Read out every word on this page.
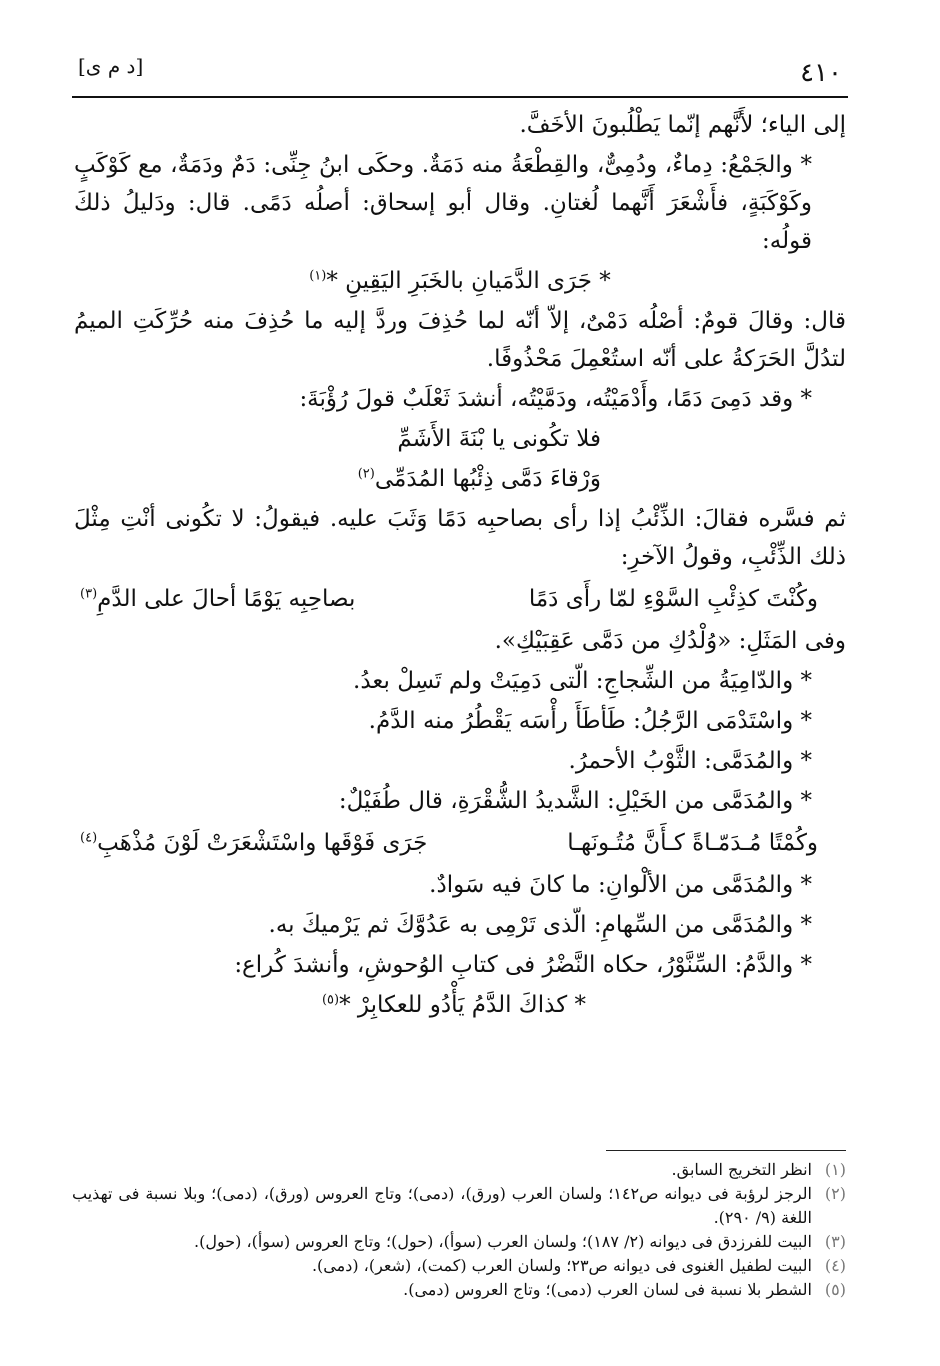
٤١٠
[د م ى]

إلى الياء؛ لأَنَّهم إنّما يَطْلُبونَ الأخَفَّ.

* والجَمْعُ: دِماءٌ، ودُمِىٌّ، والقِطْعَةُ منه دَمَةٌ. وحكَى ابنُ جِنِّى: دَمٌ ودَمَةٌ، مع كَوْكَبٍ وكَوْكَبَةٍ، فأَشْعَرَ أَنَّهما لُغتانِ. وقال أبو إسحاق: أصلُه دَمًى. قال: ودَليلُ ذلكَ قولُه:

* جَرَى الدَّمَيانِ بالخَبَرِ اليَقِينِ *$^{(١)}$

قال: وقالَ قومٌ: أصْلُه دَمْىٌ، إلاّ أنّه لما حُذِفَ وردَّ إليه ما حُذِفَ منه حُرِّكَتِ الميمُ لتدُلَّ الحَرَكةُ على أنّه استُعْمِلَ مَحْذُوفًا.

* وقد دَمِىَ دَمًا، وأَدْمَيْتُه، ودَمَّيْتُه، أنشدَ ثَعْلَبٌ قولَ رُؤْبَةَ:

فلا تكُونى يا بْنَةَ الأَشَمِّ

وَرْقاءَ دَمَّى ذِئْبُها المُدَمِّى$^{(٢)}$

ثم فسَّره فقالَ: الذِّئْبُ إذا رأى بصاحبِه دَمًا وَثَبَ عليه. فيقولُ: لا تكُونى أنْتِ مِثْلَ ذلك الذِّئْبِ، وقولُ الآخرِ:

وكُنْتَ كذِئْبِ السَّوْءِ لمّا رأَى دَمًا
بصاحِبِه يَوْمًا أحالَ على الدَّمِ$^{(٣)}$

وفى المَثَلِ: «وُلْدُكِ من دَمَّى عَقِبَيْكِ».

* والدّامِيَةُ من الشِّجاجِ: الّتى دَمِيَتْ ولم تَسِلْ بعدُ.

* واسْتَدْمَى الرَّجُلُ: طَأطَأَ رأْسَه يَقْطُرُ منه الدَّمُ.

* والمُدَمَّى: الثَّوْبُ الأحمرُ.

* والمُدَمَّى من الخَيْلِ: الشَّديدُ الشُّقْرَةِ، قال طُفَيْلٌ:

وكُمْتًا مُـدَمّـاةً كـأَنَّ مُتُـونَهـا
جَرَى فَوْقَها واسْتَشْعَرَتْ لَوْنَ مُذْهَبِ$^{(٤)}$

* والمُدَمَّى من الألْوانِ: ما كانَ فيه سَوادٌ.

* والمُدَمَّى من السِّهامِ: الّذى تَرْمِى به عَدُوَّكَ ثم يَرْميكَ به.

* والدَّمُ: السِّنَّوْرُ، حكاه النَّضْرُ فى كتابِ الوُحوشِ، وأنشدَ كُراع:

* كذاكَ الدَّمُ يَأْدُو للعكابِرْ *$^{(٥)}$

(١)
انظر التخريج السابق.
(٢)
الرجز لرؤبة فى ديوانه ص١٤٢؛ ولسان العرب (ورق)، (دمى)؛ وتاج العروس (ورق)، (دمى)؛ وبلا نسبة فى تهذيب اللغة (٩/ ٢٩٠).
(٣)
البيت للفرزدق فى ديوانه (٢/ ١٨٧)؛ ولسان العرب (سوأ)، (حول)؛ وتاج العروس (سوأ)، (حول).
(٤)
البيت لطفيل الغنوى فى ديوانه ص٢٣؛ ولسان العرب (كمت)، (شعر)، (دمى).
(٥)
الشطر بلا نسبة فى لسان العرب (دمى)؛ وتاج العروس (دمى).
